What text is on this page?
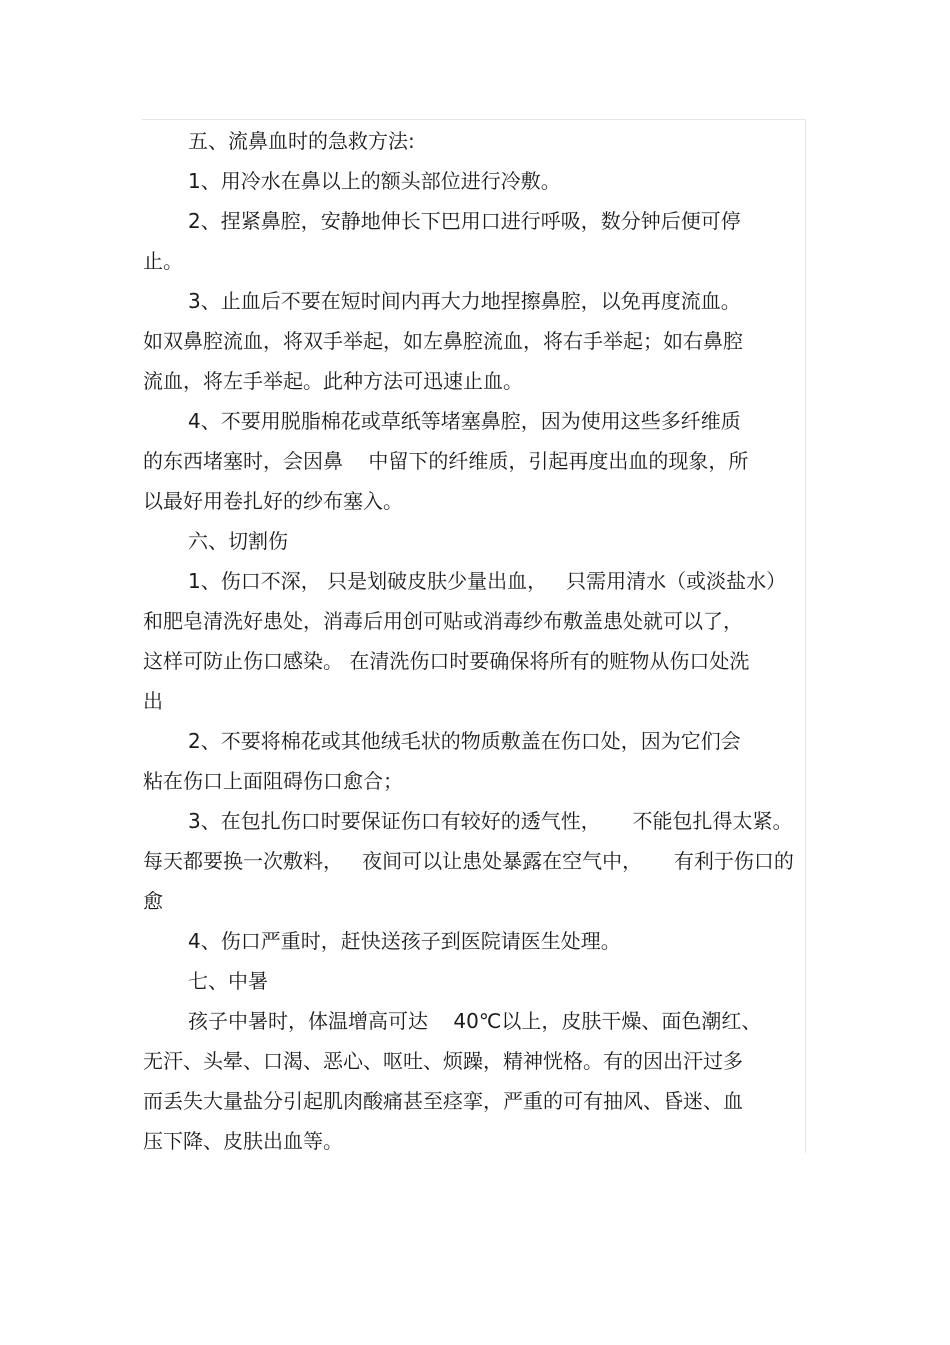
五、流鼻血时的急救方法:
1、用冷水在鼻以上的额头部位进行冷敷。
2、捏紧鼻腔，安静地伸长下巴用口进行呼吸，数分钟后便可停
止。
3、止血后不要在短时间内再大力地捏擦鼻腔，以免再度流血。
如双鼻腔流血，将双手举起，如左鼻腔流血，将右手举起；如右鼻腔
流血，将左手举起。此种方法可迅速止血。
4、不要用脱脂棉花或草纸等堵塞鼻腔，因为使用这些多纤维质
的东西堵塞时，会因鼻    中留下的纤维质，引起再度出血的现象，所
以最好用卷扎好的纱布塞入。
六、切割伤
1、伤口不深， 只是划破皮肤少量出血，   只需用清水（或淡盐水）
和肥皂清洗好患处，消毒后用创可贴或消毒纱布敷盖患处就可以了，
这样可防止伤口感染。 在清洗伤口时要确保将所有的赃物从伤口处洗
出
2、不要将棉花或其他绒毛状的物质敷盖在伤口处，因为它们会
粘在伤口上面阻碍伤口愈合；
3、在包扎伤口时要保证伤口有较好的透气性，     不能包扎得太紧。
每天都要换一次敷料，   夜间可以让患处暴露在空气中，     有利于伤口的
愈
4、伤口严重时，赶快送孩子到医院请医生处理。
七、中暑
孩子中暑时，体温增高可达    40℃以上，皮肤干燥、面色潮红、
无汗、头晕、口渴、恶心、呕吐、烦躁，精神恍格。有的因出汗过多
而丢失大量盐分引起肌肉酸痛甚至痉挛，严重的可有抽风、昏迷、血
压下降、皮肤出血等。
